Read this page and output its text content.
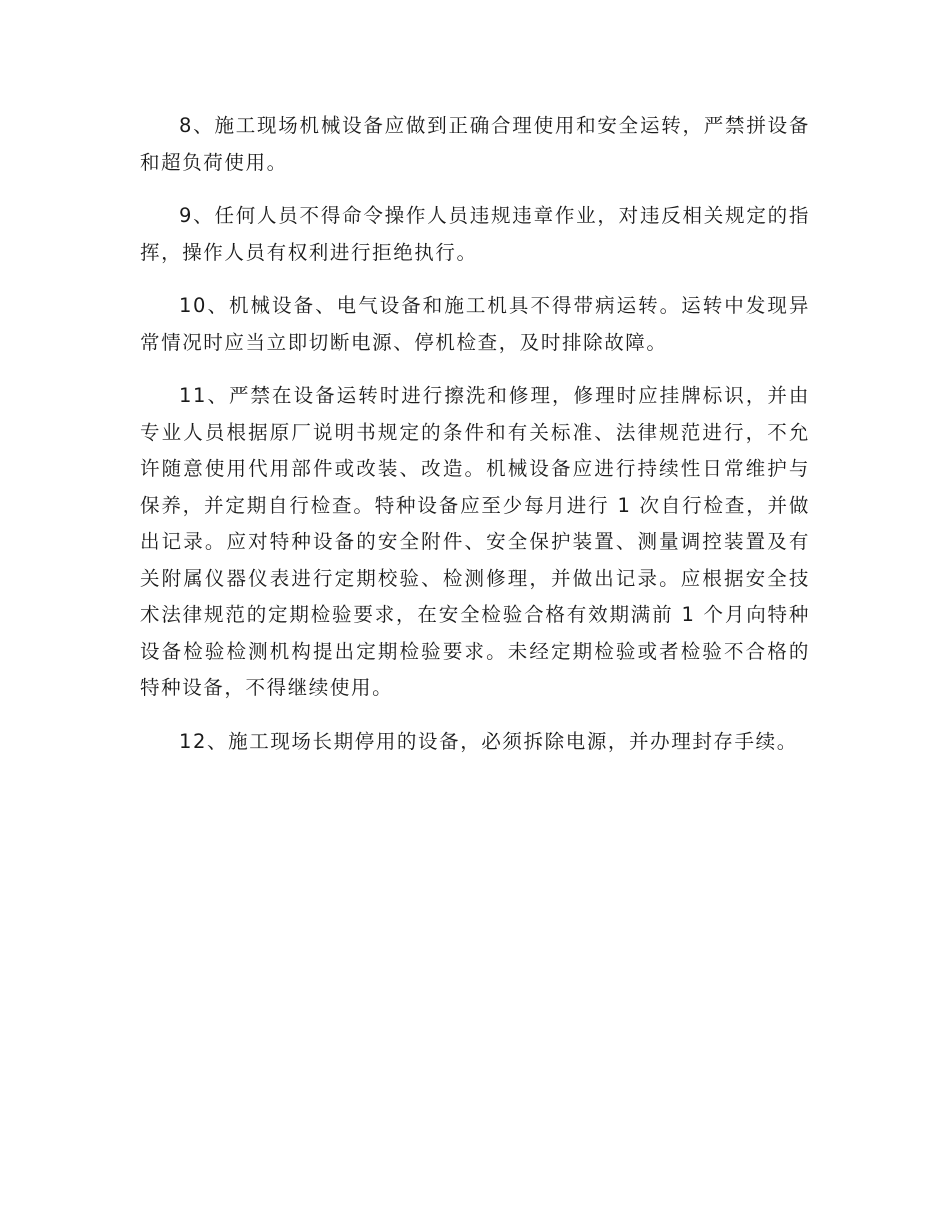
8、施工现场机械设备应做到正确合理使用和安全运转，严禁拼设备和超负荷使用。

9、任何人员不得命令操作人员违规违章作业，对违反相关规定的指挥，操作人员有权利进行拒绝执行。

10、机械设备、电气设备和施工机具不得带病运转。运转中发现异常情况时应当立即切断电源、停机检查，及时排除故障。

11、严禁在设备运转时进行擦洗和修理，修理时应挂牌标识，并由专业人员根据原厂说明书规定的条件和有关标准、法律规范进行，不允许随意使用代用部件或改装、改造。机械设备应进行持续性日常维护与保养，并定期自行检查。特种设备应至少每月进行 1 次自行检查，并做出记录。应对特种设备的安全附件、安全保护装置、测量调控装置及有关附属仪器仪表进行定期校验、检测修理，并做出记录。应根据安全技术法律规范的定期检验要求，在安全检验合格有效期满前 1 个月向特种设备检验检测机构提出定期检验要求。未经定期检验或者检验不合格的特种设备，不得继续使用。

12、施工现场长期停用的设备，必须拆除电源，并办理封存手续。
